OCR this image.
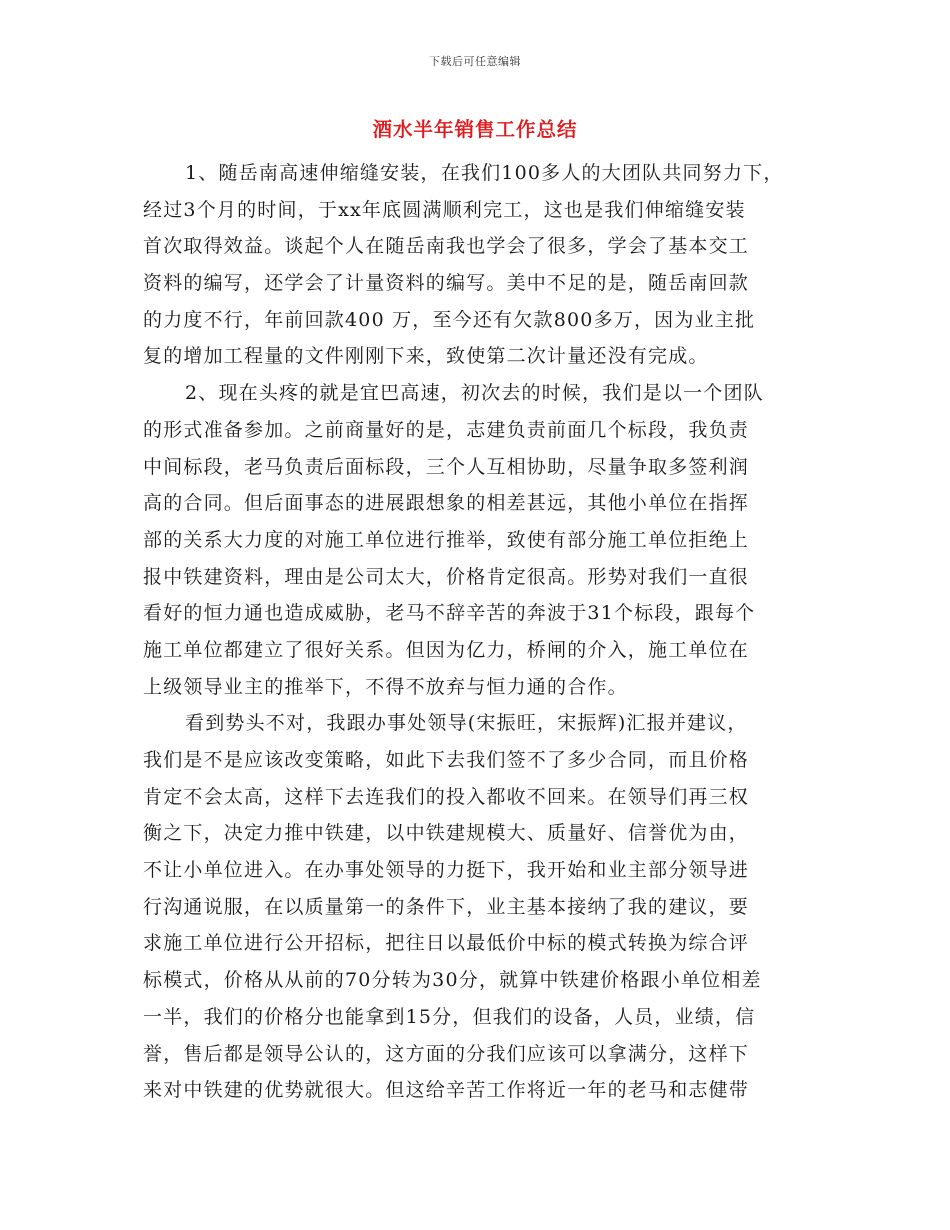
下载后可任意编辑
酒水半年销售工作总结

1、随岳南高速伸缩缝安装，在我们100多人的大团队共同努力下，
经过3个月的时间，于xx年底圆满顺利完工，这也是我们伸缩缝安装
首次取得效益。谈起个人在随岳南我也学会了很多，学会了基本交工
资料的编写，还学会了计量资料的编写。美中不足的是，随岳南回款
的力度不行，年前回款400 万，至今还有欠款800多万，因为业主批
复的增加工程量的文件刚刚下来，致使第二次计量还没有完成。

2、现在头疼的就是宜巴高速，初次去的时候，我们是以一个团队
的形式准备参加。之前商量好的是，志建负责前面几个标段，我负责
中间标段，老马负责后面标段，三个人互相协助，尽量争取多签利润
高的合同。但后面事态的进展跟想象的相差甚远，其他小单位在指挥
部的关系大力度的对施工单位进行推举，致使有部分施工单位拒绝上
报中铁建资料，理由是公司太大，价格肯定很高。形势对我们一直很
看好的恒力通也造成威胁，老马不辞辛苦的奔波于31个标段，跟每个
施工单位都建立了很好关系。但因为亿力，桥闸的介入，施工单位在
上级领导业主的推举下，不得不放弃与恒力通的合作。

看到势头不对，我跟办事处领导(宋振旺，宋振辉)汇报并建议，
我们是不是应该改变策略，如此下去我们签不了多少合同，而且价格
肯定不会太高，这样下去连我们的投入都收不回来。在领导们再三权
衡之下，决定力推中铁建，以中铁建规模大、质量好、信誉优为由，
不让小单位进入。在办事处领导的力挺下，我开始和业主部分领导进
行沟通说服，在以质量第一的条件下，业主基本接纳了我的建议，要
求施工单位进行公开招标，把往日以最低价中标的模式转换为综合评
标模式，价格从从前的70分转为30分，就算中铁建价格跟小单位相差
一半，我们的价格分也能拿到15分，但我们的设备，人员，业绩，信
誉，售后都是领导公认的，这方面的分我们应该可以拿满分，这样下
来对中铁建的优势就很大。但这给辛苦工作将近一年的老马和志健带
